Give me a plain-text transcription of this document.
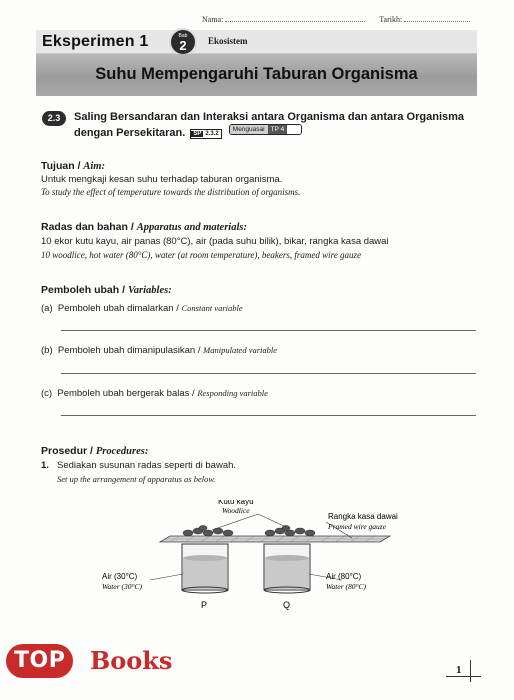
Nama:	Tarikh:
Eksperimen 1	Bab
2	Ekosistem
Suhu Mempengaruhi Taburan Organisma
2.3	Saling Bersandaran dan Interaksi antara Organisma dan antara Organisma dengan Persekitaran. SP 2.3.2 Menguasai TP 4
Tujuan / Aim:
Untuk mengkaji kesan suhu terhadap taburan organisma.
To study the effect of temperature towards the distribution of organisms.
Radas dan bahan / Apparatus and materials:
10 ekor kutu kayu, air panas (80°C), air (pada suhu bilik), bikar, rangka kasa dawai
10 woodlice, hot water (80°C), water (at room temperature), beakers, framed wire gauze
Pemboleh ubah / Variables:
(a) Pemboleh ubah dimalarkan / Constant variable
(b) Pemboleh ubah dimanipulasikan / Manipulated variable
(c) Pemboleh ubah bergerak balas / Responding variable
Prosedur / Procedures:
1. Sediakan susunan radas seperti di bawah.
Set up the arrangement of apparatus as below.
Kutu kayu
Woodlice
Rangka kasa dawai
Framed wire gauze
Air (30°C)
Water (30°C)
Air (80°C)
Water (80°C)
P	Q
1
TOP	Books
